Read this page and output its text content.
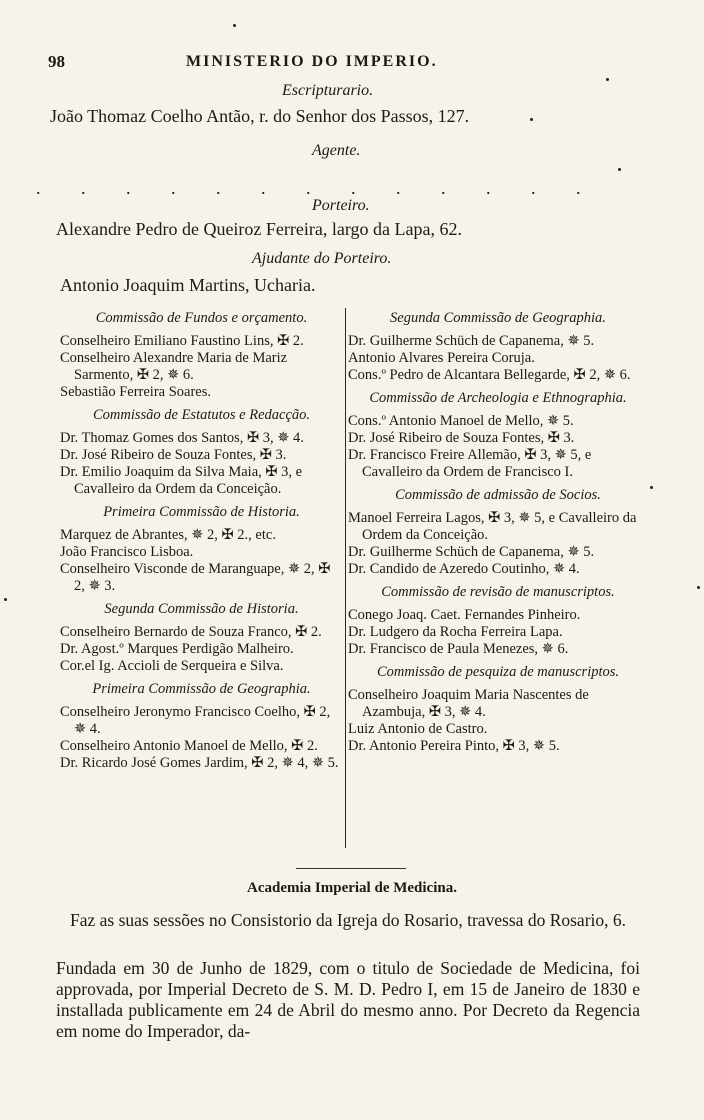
98	MINISTERIO DO IMPERIO.
Escripturario.
João Thomaz Coelho Antão, r. do Senhor dos Passos, 127.
Agente.
. . . . . . . . . . . . .
Porteiro.
Alexandre Pedro de Queiroz Ferreira, largo da Lapa, 62.
Ajudante do Porteiro.
Antonio Joaquim Martins, Ucharia.
Commissão de Fundos e orçamento.

Conselheiro Emiliano Faustino Lins, ✠ 2.

Conselheiro Alexandre Maria de Mariz Sarmento, ✠ 2, ✵ 6.

Sebastião Ferreira Soares.

Commissão de Estatutos e Redacção.

Dr. Thomaz Gomes dos Santos, ✠ 3, ✵ 4.

Dr. José Ribeiro de Souza Fontes, ✠ 3.

Dr. Emilio Joaquim da Silva Maia, ✠ 3, e Cavalleiro da Ordem da Conceição.

Primeira Commissão de Historia.

Marquez de Abrantes, ✵ 2, ✠ 2., etc.

João Francisco Lisboa.

Conselheiro Visconde de Maranguape, ✵ 2, ✠ 2, ✵ 3.

Segunda Commissão de Historia.

Conselheiro Bernardo de Souza Franco, ✠ 2.

Dr. Agost.º Marques Perdigão Malheiro.

Cor.el Ig. Accioli de Serqueira e Silva.

Primeira Commissão de Geographia.

Conselheiro Jeronymo Francisco Coelho, ✠ 2, ✵ 4.

Conselheiro Antonio Manoel de Mello, ✠ 2.

Dr. Ricardo José Gomes Jardim, ✠ 2, ✵ 4, ✵ 5.

Segunda Commissão de Geographia.

Dr. Guilherme Schüch de Capanema, ✵ 5.

Antonio Alvares Pereira Coruja.

Cons.º Pedro de Alcantara Bellegarde, ✠ 2, ✵ 6.

Commissão de Archeologia e Ethnographia.

Cons.º Antonio Manoel de Mello, ✵ 5.

Dr. José Ribeiro de Souza Fontes, ✠ 3.

Dr. Francisco Freire Allemão, ✠ 3, ✵ 5, e Cavalleiro da Ordem de Francisco I.

Commissão de admissão de Socios.

Manoel Ferreira Lagos, ✠ 3, ✵ 5, e Cavalleiro da Ordem da Conceição.

Dr. Guilherme Schüch de Capanema, ✵ 5.

Dr. Candido de Azeredo Coutinho, ✵ 4.

Commissão de revisão de manuscriptos.

Conego Joaq. Caet. Fernandes Pinheiro.

Dr. Ludgero da Rocha Ferreira Lapa.

Dr. Francisco de Paula Menezes, ✵ 6.

Commissão de pesquiza de manuscriptos.

Conselheiro Joaquim Maria Nascentes de Azambuja, ✠ 3, ✵ 4.

Luiz Antonio de Castro.

Dr. Antonio Pereira Pinto, ✠ 3, ✵ 5.

Academia Imperial de Medicina.
Faz as suas sessões no Consistorio da Igreja do Rosario, travessa do Rosario, 6.
Fundada em 30 de Junho de 1829, com o titulo de Sociedade de Medicina, foi approvada, por Imperial Decreto de S. M. D. Pedro I, em 15 de Janeiro de 1830 e installada publicamente em 24 de Abril do mesmo anno. Por Decreto da Regencia em nome do Imperador, da-
